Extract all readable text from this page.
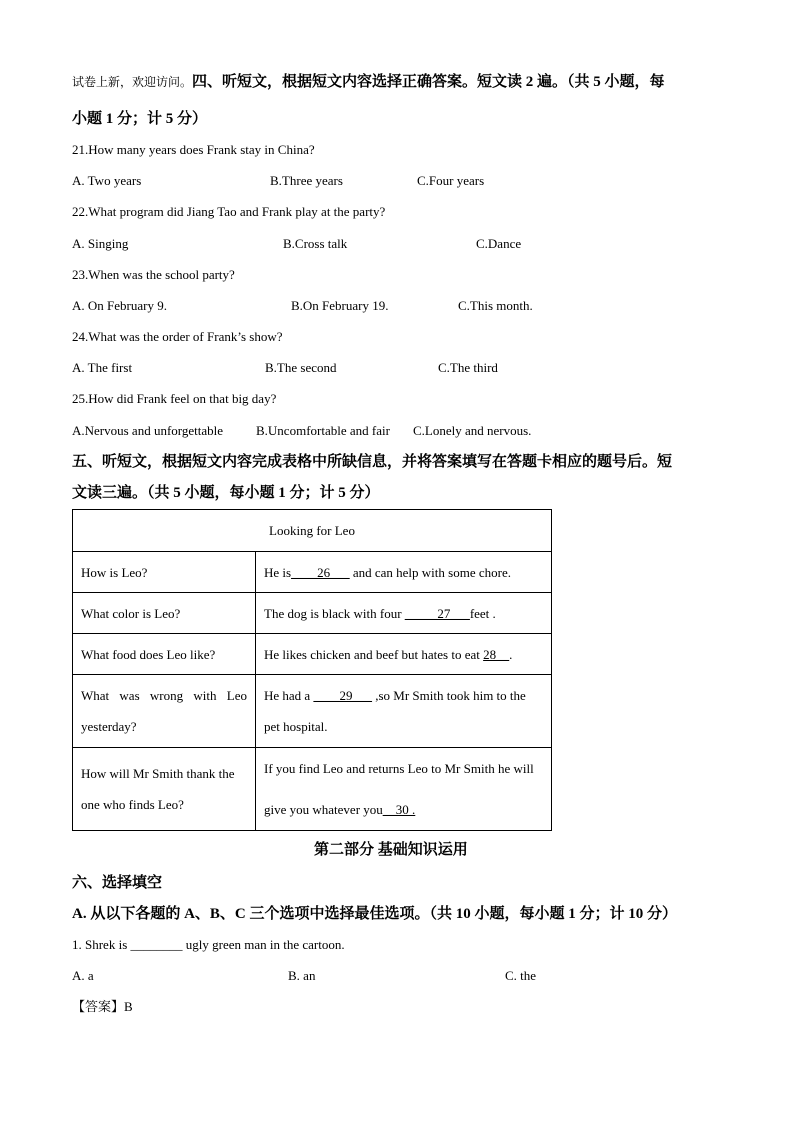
试卷上新，欢迎访问。四、听短文，根据短文内容选择正确答案。短文读 2 遍。（共 5 小题，每
小题 1 分；计 5 分）
21.How many years does Frank stay in China?
A. Two years	B.Three years	C.Four years
22.What program did Jiang Tao and Frank play at the party?
A. Singing	B.Cross talk	C.Dance
23.When was the school party?
A. On February 9.	B.On February 19.	C.This month.
24.What was the order of Frank’s show?
A. The first	B.The second	C.The third
25.How did Frank feel on that big day?
A.Nervous and unforgettable	B.Uncomfortable and fair C.Lonely and nervous.
五、听短文，根据短文内容完成表格中所缺信息，并将答案填写在答题卡相应的题号后。短
文读三遍。（共 5 小题，每小题 1 分；计 5 分）
Looking for Leo	
How is Leo?	He is____26___ and can help with some chore.
What color is Leo?	The dog is black with four _____27___feet .
What food does Leo like?	He likes chicken and beef but hates to eat 28__.
What was wrong with Leo yesterday?	He had a ____29___ ,so Mr Smith took him to the pet hospital.
How will Mr Smith thank the one who finds Leo?	If you find Leo and returns Leo to Mr Smith he will give you whatever you__30 .
第二部分 基础知识运用
六、选择填空
A. 从以下各题的 A、B、C 三个选项中选择最佳选项。（共 10 小题，每小题 1 分；计 10 分）
1. Shrek is ________ ugly green man in the cartoon.
A. a	B. an	C. the
【答案】B
